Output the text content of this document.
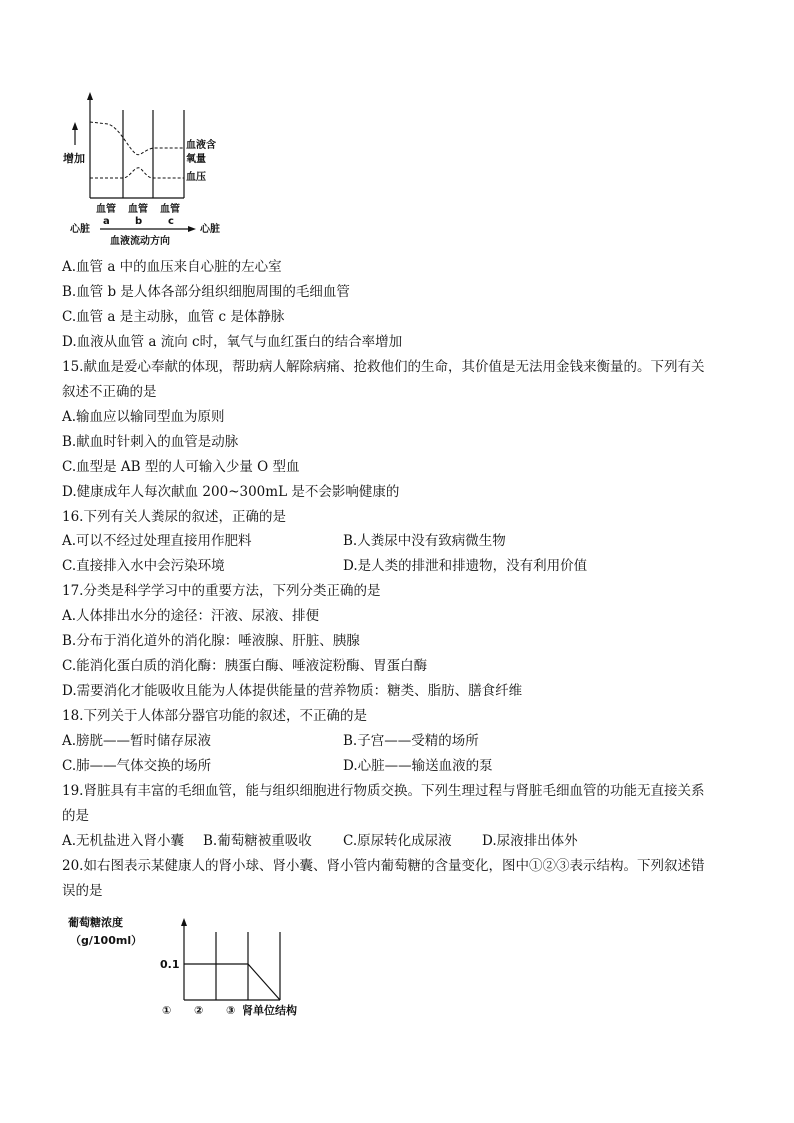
增加
血液含
氧量
血压
血管
a
血管
b
血管
c
心脏	心脏
血液流动方向
A.血管 a 中的血压来自心脏的左心室
B.血管 b 是人体各部分组织细胞周围的毛细血管
C.血管 a 是主动脉，血管 c 是体静脉
D.血液从血管 a 流向 c时，氧气与血红蛋白的结合率增加
15.献血是爱心奉献的体现，帮助病人解除病痛、抢救他们的生命，其价值是无法用金钱来衡量的。下列有关
叙述不正确的是
A.输血应以输同型血为原则
B.献血时针刺入的血管是动脉
C.血型是 AB 型的人可输入少量 O 型血
D.健康成年人每次献血 200~300mL 是不会影响健康的
16.下列有关人粪尿的叙述，正确的是
A.可以不经过处理直接用作肥料	B.人粪尿中没有致病微生物
C.直接排入水中会污染环境	D.是人类的排泄和排遗物，没有利用价值
17.分类是科学学习中的重要方法，下列分类正确的是
A.人体排出水分的途径：汗液、尿液、排便
B.分布于消化道外的消化腺：唾液腺、肝脏、胰腺
C.能消化蛋白质的消化酶：胰蛋白酶、唾液淀粉酶、胃蛋白酶
D.需要消化才能吸收且能为人体提供能量的营养物质：糖类、脂肪、膳食纤维
18.下列关于人体部分器官功能的叙述，不正确的是
A.膀胱——暂时储存尿液	B.子宫——受精的场所
C.肺——气体交换的场所	D.心脏——输送血液的泵
19.肾脏具有丰富的毛细血管，能与组织细胞进行物质交换。下列生理过程与肾脏毛细血管的功能无直接关系
的是
A.无机盐进入肾小囊 B.葡萄糖被重吸收 C.原尿转化成尿液 D.尿液排出体外
20.如右图表示某健康人的肾小球、肾小囊、肾小管内葡萄糖的含量变化，图中①②③表示结构。下列叙述错
误的是
葡萄糖浓度
（g/100ml）
0.1
① ② ③ 肾单位结构
